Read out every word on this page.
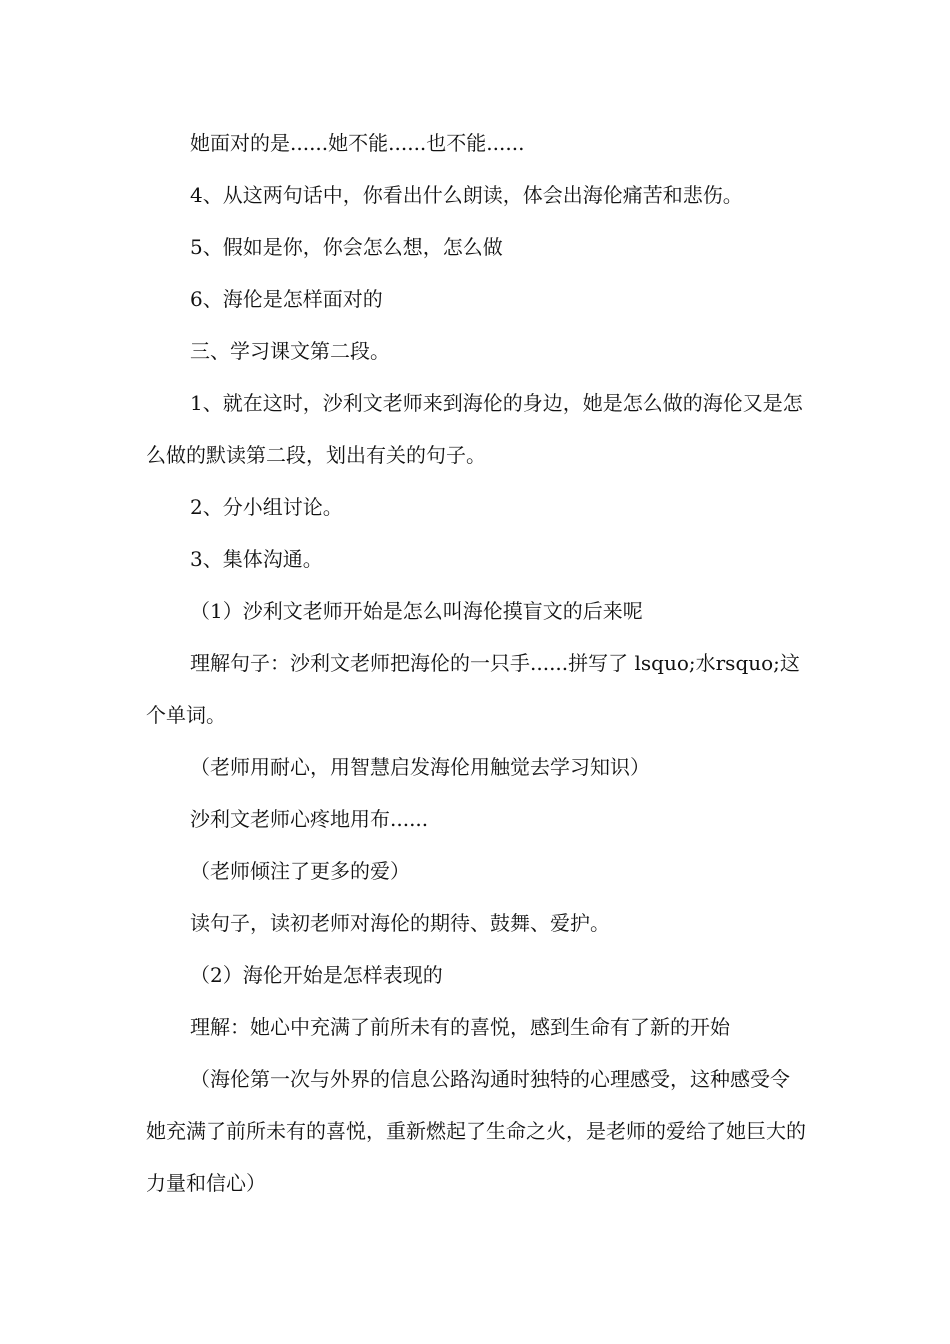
她面对的是......她不能......也不能......

4、从这两句话中，你看出什么朗读，体会出海伦痛苦和悲伤。

5、假如是你，你会怎么想，怎么做

6、海伦是怎样面对的

三、学习课文第二段。

1、就在这时，沙利文老师来到海伦的身边，她是怎么做的海伦又是怎么做的默读第二段，划出有关的句子。

2、分小组讨论。

3、集体沟通。

（1）沙利文老师开始是怎么叫海伦摸盲文的后来呢

理解句子：沙利文老师把海伦的一只手......拼写了 lsquo;水rsquo;这个单词。

（老师用耐心，用智慧启发海伦用触觉去学习知识）

沙利文老师心疼地用布......

（老师倾注了更多的爱）

读句子，读初老师对海伦的期待、鼓舞、爱护。

（2）海伦开始是怎样表现的

理解：她心中充满了前所未有的喜悦，感到生命有了新的开始

（海伦第一次与外界的信息公路沟通时独特的心理感受，这种感受令她充满了前所未有的喜悦，重新燃起了生命之火，是老师的爱给了她巨大的力量和信心）
